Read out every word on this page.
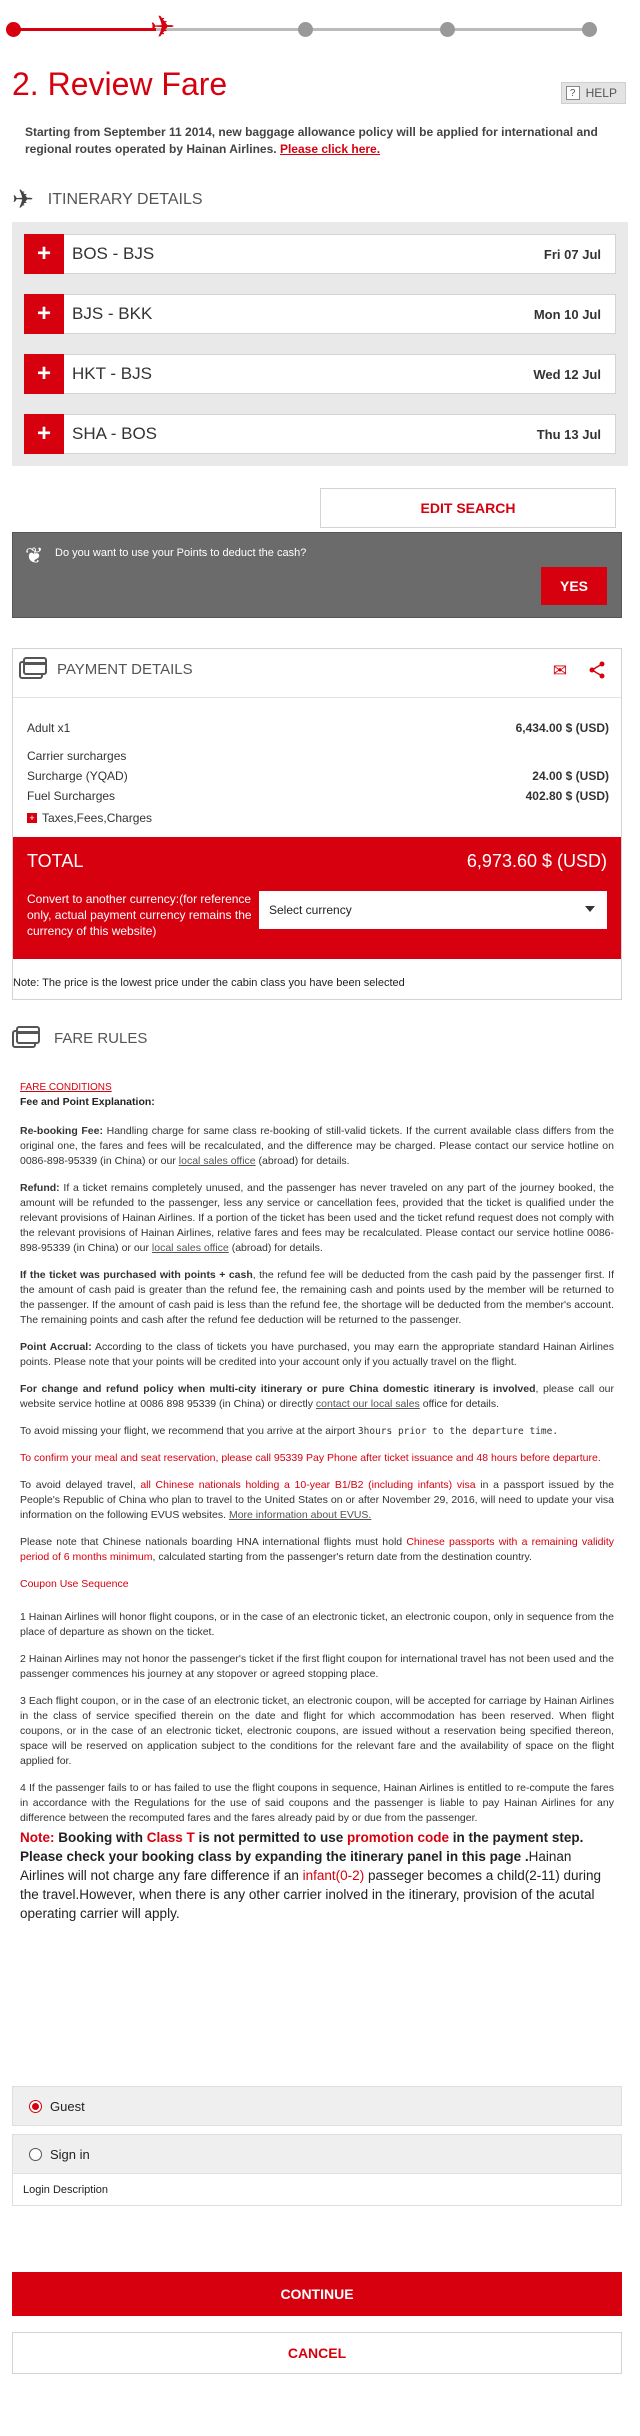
✈
2. Review Fare	? HELP
Starting from September 11 2014, new baggage allowance policy will be applied for international and regional routes operated by Hainan Airlines. Please click here.
✈ ITINERARY DETAILS
+	BOS - BJS	Fri 07 Jul
+	BJS - BKK	Mon 10 Jul
+	HKT - BJS	Wed 12 Jul
+	SHA - BOS	Thu 13 Jul
EDIT SEARCH
❦ Do you want to use your Points to deduct the cash?
YES
PAYMENT DETAILS	✉
Adult x1	6,434.00 $ (USD)
Carrier surcharges
Surcharge (YQAD)	24.00 $ (USD)
Fuel Surcharges	402.80 $ (USD)
+ Taxes,Fees,Charges
TOTAL	6,973.60 $ (USD)
Convert to another currency:(for reference only, actual payment currency remains the currency of this website)
Select currency
Note: The price is the lowest price under the cabin class you have been selected
FARE RULES

FARE CONDITIONS

Fee and Point Explanation:

Re-booking Fee: Handling charge for same class re-booking of still-valid tickets. If the current available class differs from the original one, the fares and fees will be recalculated, and the difference may be charged. Please contact our service hotline on 0086-898-95339 (in China) or our local sales office (abroad) for details.

Refund: If a ticket remains completely unused, and the passenger has never traveled on any part of the journey booked, the amount will be refunded to the passenger, less any service or cancellation fees, provided that the ticket is qualified under the relevant provisions of Hainan Airlines. If a portion of the ticket has been used and the ticket refund request does not comply with the relevant provisions of Hainan Airlines, relative fares and fees may be recalculated. Please contact our service hotline 0086-898-95339 (in China) or our local sales office (abroad) for details.

If the ticket was purchased with points + cash, the refund fee will be deducted from the cash paid by the passenger first. If the amount of cash paid is greater than the refund fee, the remaining cash and points used by the member will be returned to the passenger. If the amount of cash paid is less than the refund fee, the shortage will be deducted from the member's account. The remaining points and cash after the refund fee deduction will be returned to the passenger.

Point Accrual: According to the class of tickets you have purchased, you may earn the appropriate standard Hainan Airlines points. Please note that your points will be credited into your account only if you actually travel on the flight.

For change and refund policy when multi-city itinerary or pure China domestic itinerary is involved, please call our website service hotline at 0086 898 95339 (in China) or directly contact our local sales office for details.

To avoid missing your flight, we recommend that you arrive at the airport 3hours prior to the departure time.

To confirm your meal and seat reservation, please call 95339 Pay Phone after ticket issuance and 48 hours before departure.

To avoid delayed travel, all Chinese nationals holding a 10-year B1/B2 (including infants) visa in a passport issued by the People's Republic of China who plan to travel to the United States on or after November 29, 2016, will need to update your visa information on the following EVUS websites. More information about EVUS.

Please note that Chinese nationals boarding HNA international flights must hold Chinese passports with a remaining validity period of 6 months minimum, calculated starting from the passenger's return date from the destination country.

Coupon Use Sequence

1 Hainan Airlines will honor flight coupons, or in the case of an electronic ticket, an electronic coupon, only in sequence from the place of departure as shown on the ticket.

2 Hainan Airlines may not honor the passenger's ticket if the first flight coupon for international travel has not been used and the passenger commences his journey at any stopover or agreed stopping place.

3 Each flight coupon, or in the case of an electronic ticket, an electronic coupon, will be accepted for carriage by Hainan Airlines in the class of service specified therein on the date and flight for which accommodation has been reserved. When flight coupons, or in the case of an electronic ticket, electronic coupons, are issued without a reservation being specified thereon, space will be reserved on application subject to the conditions for the relevant fare and the availability of space on the flight applied for.

4 If the passenger fails to or has failed to use the flight coupons in sequence, Hainan Airlines is entitled to re-compute the fares in accordance with the Regulations for the use of said coupons and the passenger is liable to pay Hainan Airlines for any difference between the recomputed fares and the fares already paid by or due from the passenger.

Note: Booking with Class T is not permitted to use promotion code in the payment step. Please check your booking class by expanding the itinerary panel in this page .Hainan Airlines will not charge any fare difference if an infant(0-2) passeger becomes a child(2-11) during the travel.However, when there is any other carrier inolved in the itinerary, provision of the acutal operating carrier will apply.

Guest
Sign in
Login Description
CONTINUE
CANCEL
